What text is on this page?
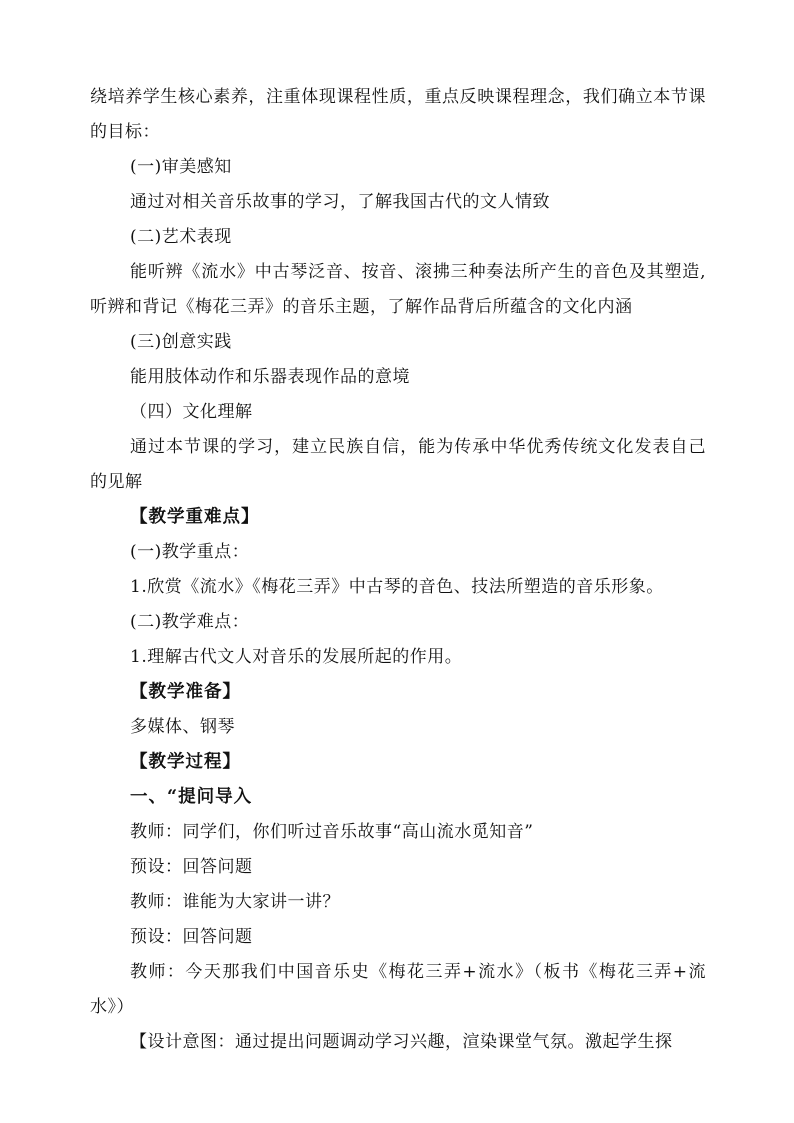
绕培养学生核心素养，注重体现课程性质，重点反映课程理念，我们确立本节课的目标：

(一)审美感知

通过对相关音乐故事的学习，了解我国古代的文人情致

(二)艺术表现

能听辨《流水》中古琴泛音、按音、滚拂三种奏法所产生的音色及其塑造,听辨和背记《梅花三弄》的音乐主题，了解作品背后所蕴含的文化内涵

(三)创意实践

能用肢体动作和乐器表现作品的意境

（四）文化理解

通过本节课的学习，建立民族自信，能为传承中华优秀传统文化发表自己的见解

【教学重难点】

(一)教学重点：

1.欣赏《流水》《梅花三弄》中古琴的音色、技法所塑造的音乐形象。

(二)教学难点：

1.理解古代文人对音乐的发展所起的作用。

【教学准备】

多媒体、钢琴

【教学过程】

一、“提问导入

教师：同学们，你们听过音乐故事“高山流水觅知音”

预设：回答问题

教师：谁能为大家讲一讲？

预设：回答问题

教师：今天那我们中国音乐史《梅花三弄+流水》（板书《梅花三弄+流水》）

【设计意图：通过提出问题调动学习兴趣，渲染课堂气氛。激起学生探
